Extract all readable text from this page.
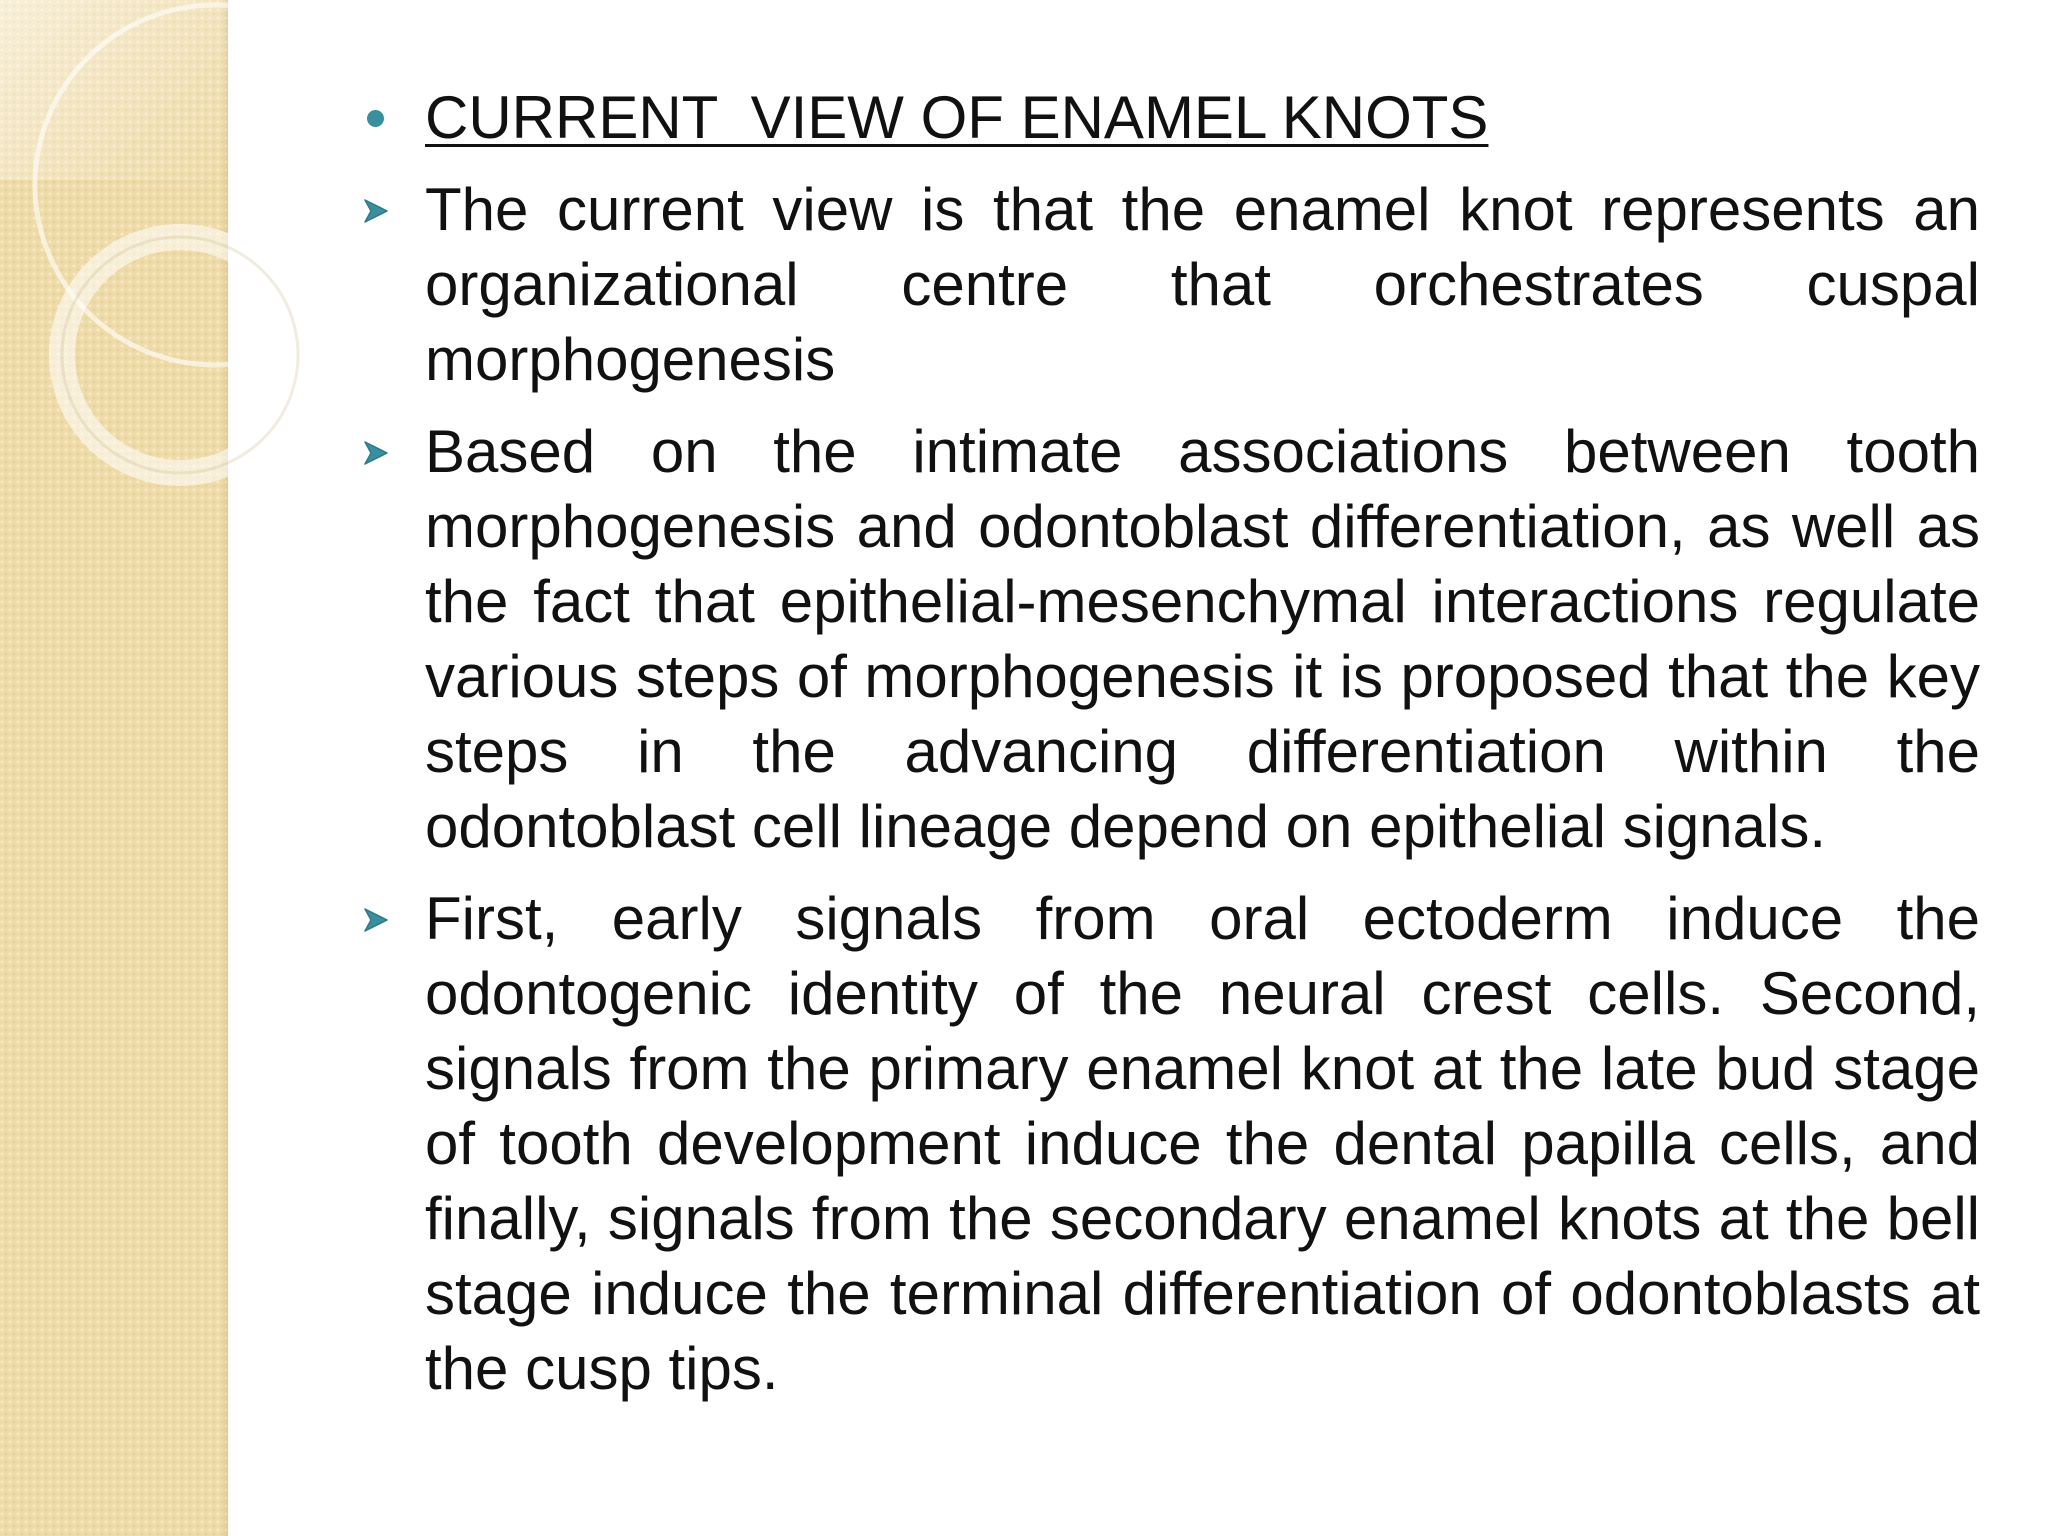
CURRENT  VIEW OF ENAMEL KNOTS
The current view is that the enamel knot represents an organizational centre that orchestrates cuspal morphogenesis
Based on the intimate associations between tooth morphogenesis and odontoblast differentiation, as well as the fact that epithelial-mesenchymal interactions regulate various steps of morphogenesis it is proposed that the key steps in the advancing differentiation within the odontoblast cell lineage depend on epithelial signals.
First, early signals from oral ectoderm induce the odontogenic identity of the neural crest cells. Second, signals from the primary enamel knot at the late bud stage of tooth development induce the dental papilla cells, and finally, signals from the secondary enamel knots at the bell stage induce the terminal differentiation of odontoblasts at the cusp tips.
